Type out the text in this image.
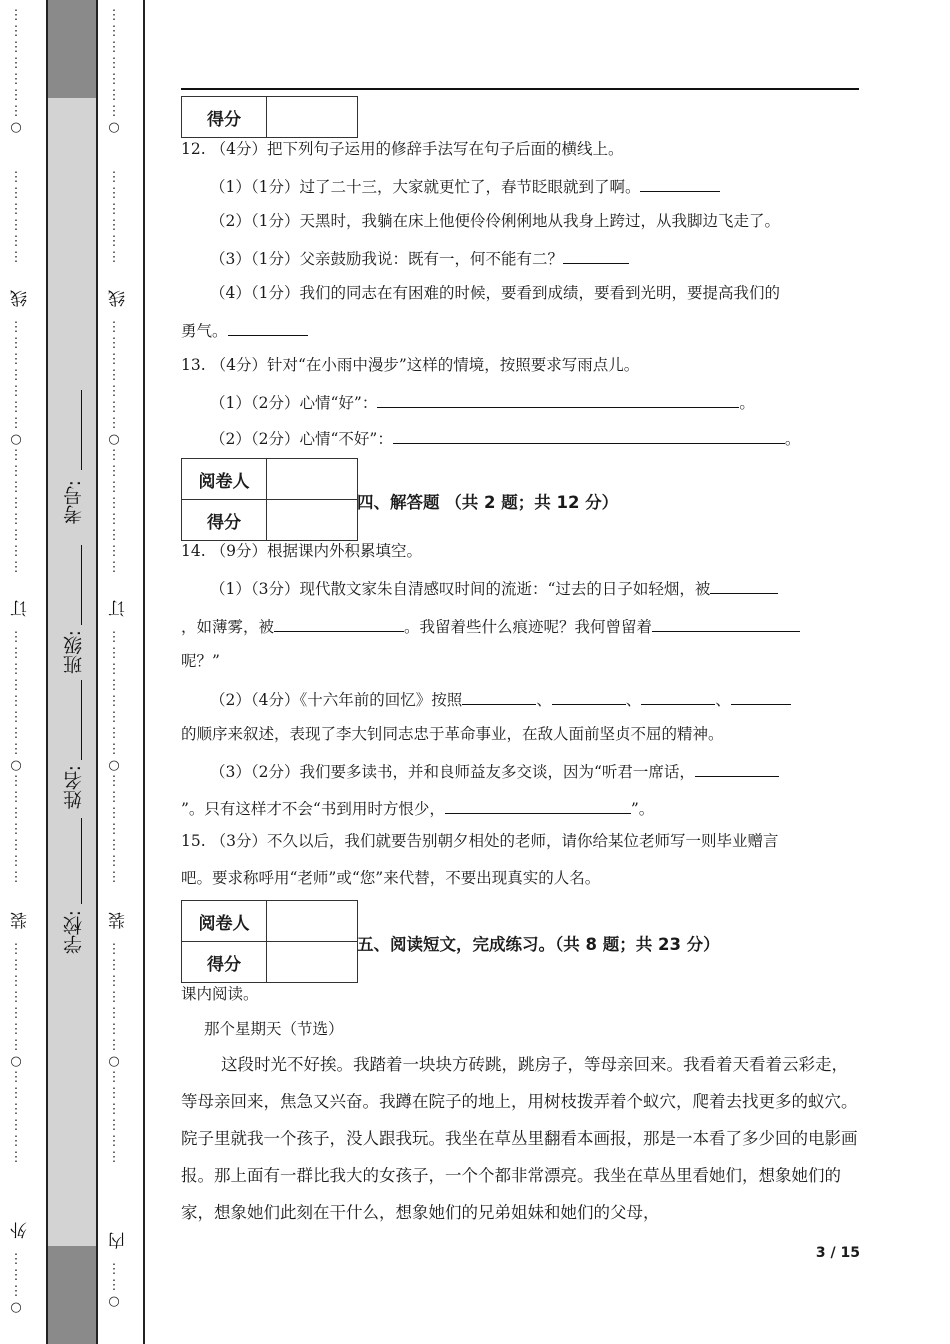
⋮
⋮
⋮
⋮
⋮
⋮
⋮
○
⋮
⋮
⋮
⋮
⋮
⋮
线
⋮
⋮
⋮
⋮
⋮
⋮
⋮
○
⋮
⋮
⋮
⋮
⋮
⋮
⋮
⋮
订
⋮
⋮
⋮
⋮
⋮
⋮
⋮
⋮
○
⋮
⋮
⋮
⋮
⋮
⋮
⋮
装
⋮
⋮
⋮
⋮
⋮
⋮
⋮
○
⋮
⋮
⋮
⋮
⋮
⋮
外
⋮
⋮
⋮
○
⋮
⋮
⋮
⋮
⋮
⋮
⋮
○
⋮
⋮
⋮
⋮
⋮
⋮
线
⋮
⋮
⋮
⋮
⋮
⋮
⋮
○
⋮
⋮
⋮
⋮
⋮
⋮
⋮
⋮
订
⋮
⋮
⋮
⋮
⋮
⋮
⋮
⋮
○
⋮
⋮
⋮
⋮
⋮
⋮
⋮
装
⋮
⋮
⋮
⋮
⋮
⋮
⋮
○
⋮
⋮
⋮
⋮
⋮
⋮
内
⋮
⋮
○
考号:
班级:
姓名:
学校:
得分	
12. （4分）把下列句子运用的修辞手法写在句子后面的横线上。
（1）（1分）过了二十三，大家就更忙了，春节眨眼就到了啊。
（2）（1分）天黑时，我躺在床上他便伶伶俐俐地从我身上跨过，从我脚边飞走了。
（3）（1分）父亲鼓励我说：既有一，何不能有二？
（4）（1分）我们的同志在有困难的时候，要看到成绩，要看到光明，要提高我们的
勇气。
13. （4分）针对“在小雨中漫步”这样的情境，按照要求写雨点儿。
（1）（2分）心情“好”：	。
（2）（2分）心情“不好”：	。
阅卷人	
得分	
四、解答题 （共 2 题；共 12 分）
14. （9分）根据课内外积累填空。
（1）（3分）现代散文家朱自清感叹时间的流逝：“过去的日子如轻烟，被
，如薄雾，被	。我留着些什么痕迹呢？我何曾留着
呢？”
（2）（4分）《十六年前的回忆》按照	、	、	、
的顺序来叙述，表现了李大钊同志忠于革命事业，在敌人面前坚贞不屈的精神。
（3）（2分）我们要多读书，并和良师益友多交谈，因为“听君一席话，
”。只有这样才不会“书到用时方恨少，	”。
15. （3分）不久以后，我们就要告别朝夕相处的老师，请你给某位老师写一则毕业赠言
吧。要求称呼用“老师”或“您”来代替，不要出现真实的人名。
阅卷人	
得分	
五、阅读短文，完成练习。（共 8 题；共 23 分）
课内阅读。
那个星期天（节选）
这段时光不好挨。我踏着一块块方砖跳，跳房子，等母亲回来。我看着天看着云彩走，等母亲回来，焦急又兴奋。我蹲在院子的地上，用树枝拨弄着个蚁穴，爬着去找更多的蚁穴。院子里就我一个孩子，没人跟我玩。我坐在草丛里翻看本画报，那是一本看了多少回的电影画报。那上面有一群比我大的女孩子，一个个都非常漂亮。我坐在草丛里看她们，想象她们的家，想象她们此刻在干什么，想象她们的兄弟姐妹和她们的父母，
3 / 15
